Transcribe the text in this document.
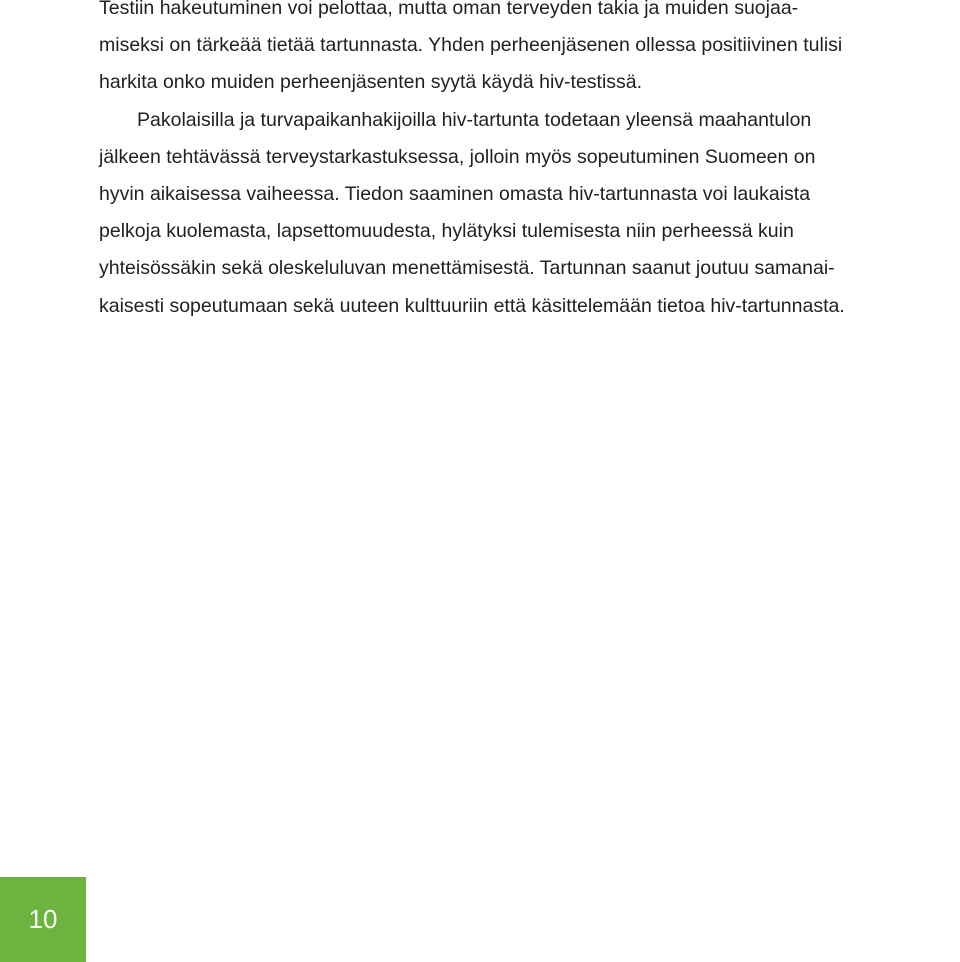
Testiin hakeutuminen voi pelottaa, mutta oman terveyden takia ja muiden suojaa-
miseksi on tärkeää tietää tartunnasta. Yhden perheenjäsenen ollessa positiivinen tulisi
harkita onko muiden perheenjäsenten syytä käydä hiv-testissä.
Pakolaisilla ja turvapaikanhakijoilla hiv-tartunta todetaan yleensä maahantulon
jälkeen tehtävässä terveystarkastuksessa, jolloin myös sopeutuminen Suomeen on
hyvin aikaisessa vaiheessa. Tiedon saaminen omasta hiv-tartunnasta voi laukaista
pelkoja kuolemasta, lapsettomuudesta, hylätyksi tulemisesta niin perheessä kuin
yhteisössäkin sekä oleskeluluvan menettämisestä. Tartunnan saanut joutuu samanai-
kaisesti sopeutumaan sekä uuteen kulttuuriin että käsittelemään tietoa hiv-tartunnasta.
10
